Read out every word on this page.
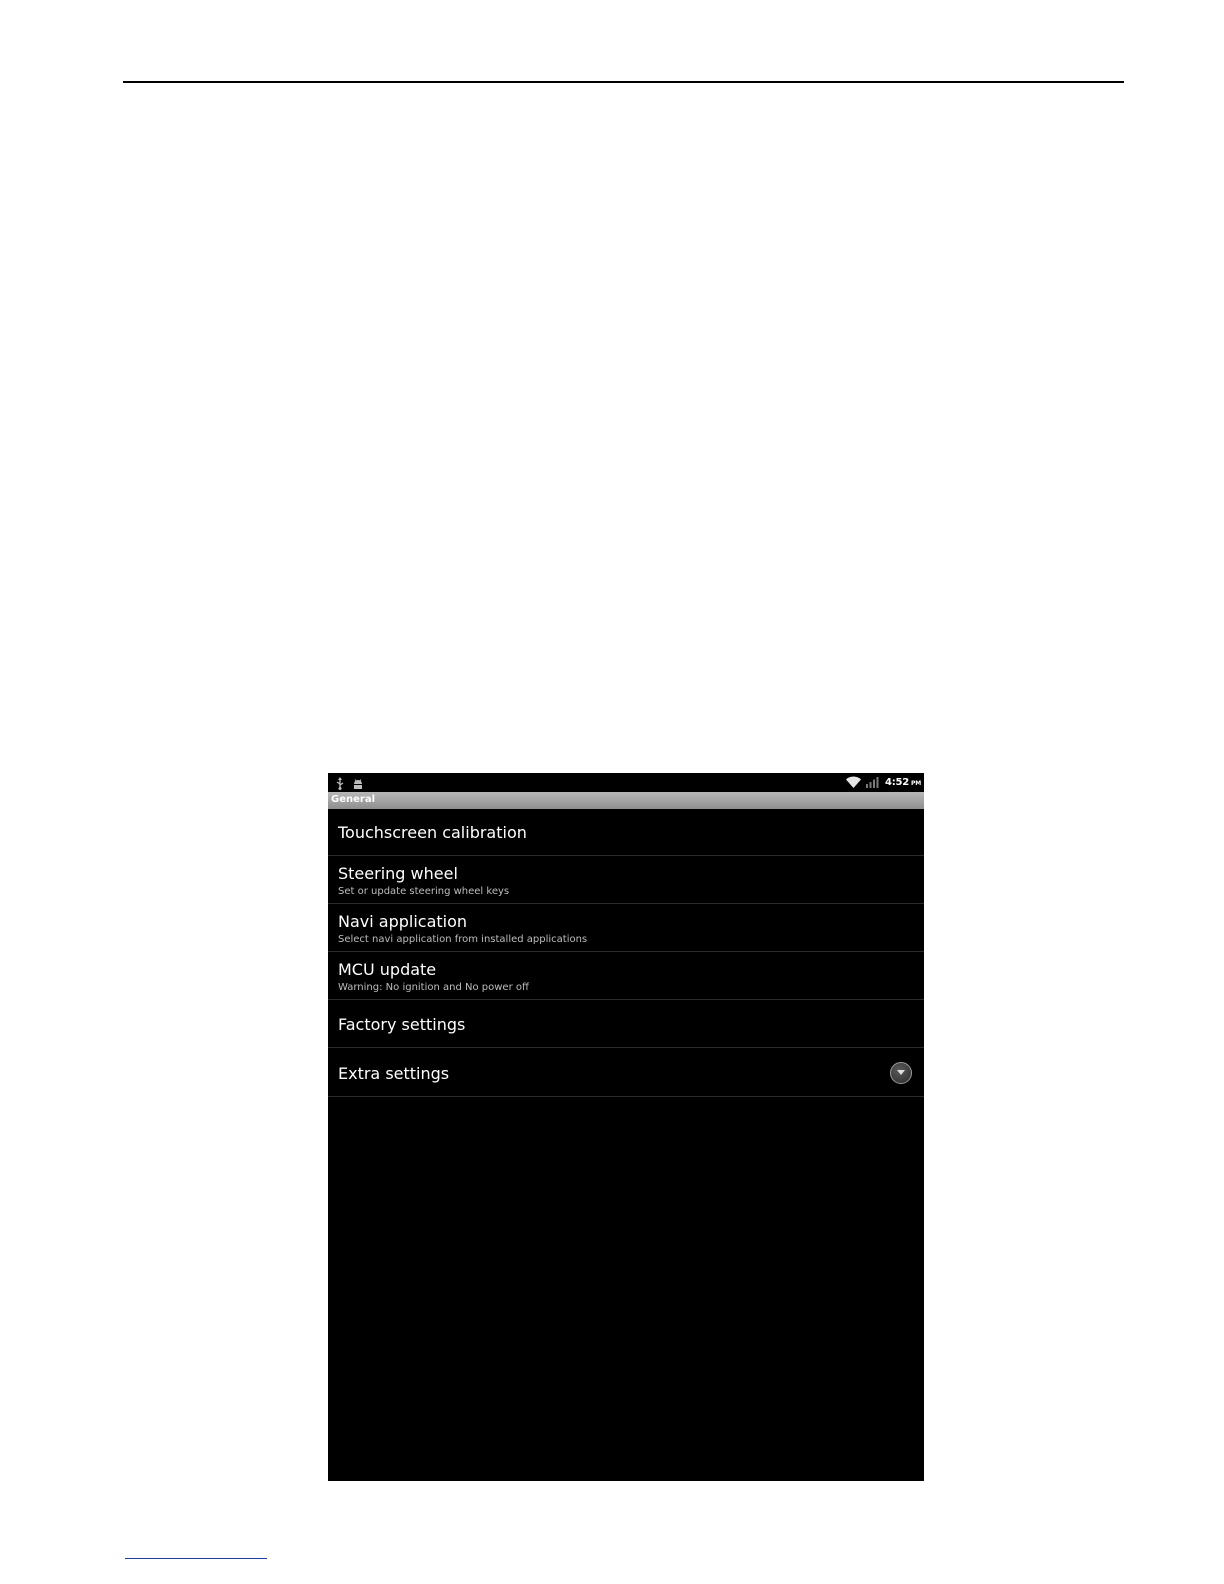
4:52 PM
General
Touchscreen calibration
Steering wheel
Set or update steering wheel keys
Navi application
Select navi application from installed applications
MCU update
Warning: No ignition and No power off
Factory settings
Extra settings
